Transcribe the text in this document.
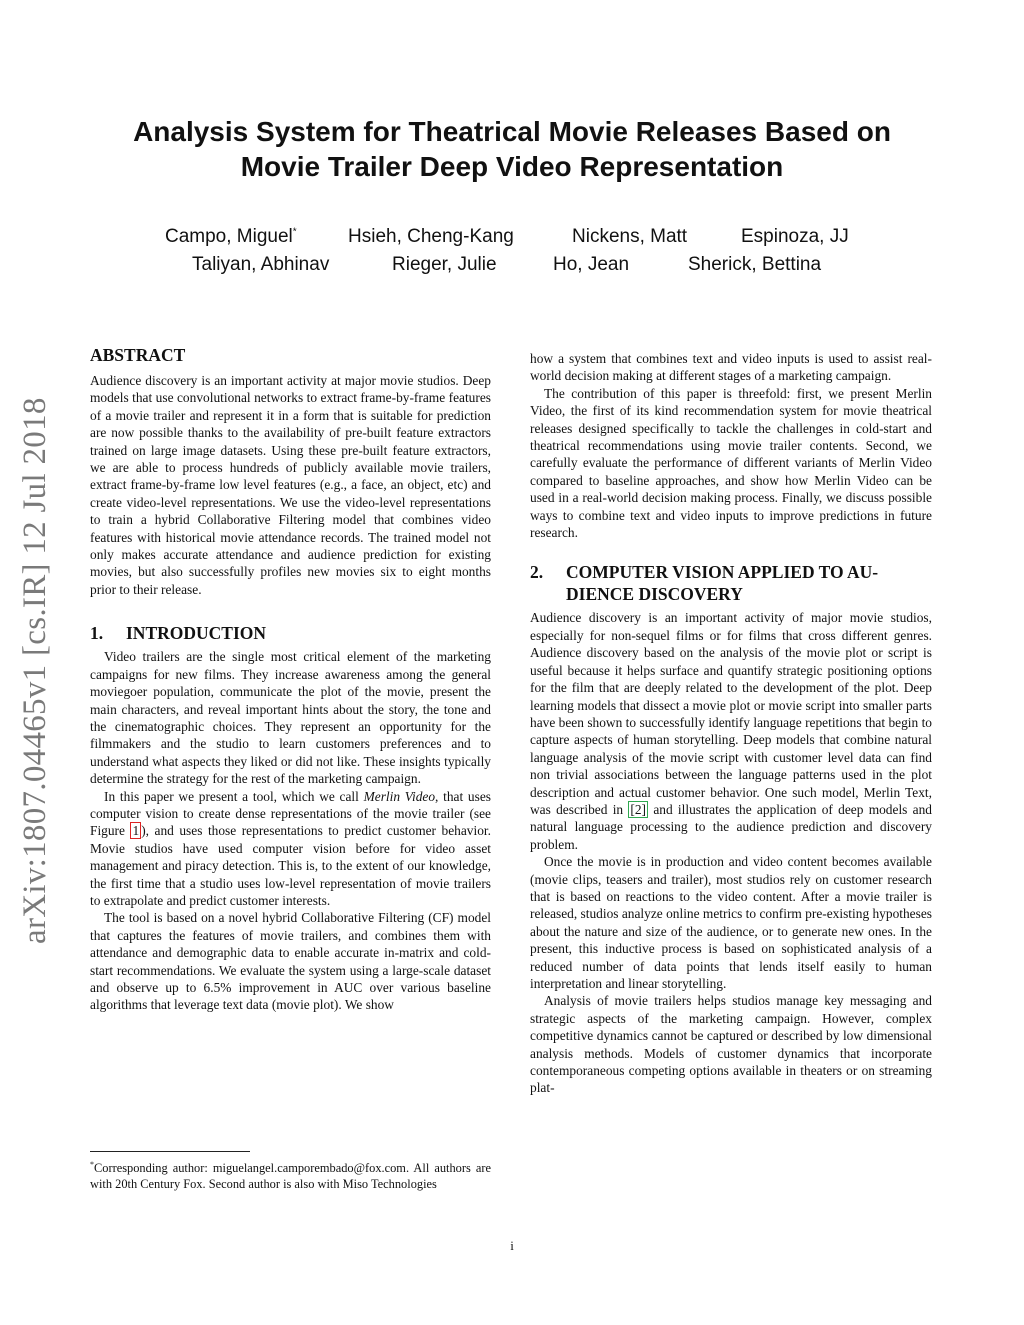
arXiv:1807.04465v1 [cs.IR] 12 Jul 2018
Analysis System for Theatrical Movie Releases Based on
Movie Trailer Deep Video Representation
Campo, Miguel*	Hsieh, Cheng-Kang	Nickens, Matt	Espinoza, JJ
Taliyan, Abhinav	Rieger, Julie	Ho, Jean	Sherick, Bettina
ABSTRACT

Audience discovery is an important activity at major movie studios. Deep models that use convolutional networks to extract frame-by-frame features of a movie trailer and represent it in a form that is suitable for prediction are now possible thanks to the availability of pre-built feature extractors trained on large image datasets. Using these pre-built feature extractors, we are able to process hundreds of publicly available movie trailers, extract frame-by-frame low level features (e.g., a face, an object, etc) and create video-level representations. We use the video-level representations to train a hybrid Collaborative Filtering model that combines video features with historical movie attendance records. The trained model not only makes accurate attendance and audience prediction for existing movies, but also successfully profiles new movies six to eight months prior to their release.

1. INTRODUCTION

Video trailers are the single most critical element of the marketing campaigns for new films. They increase awareness among the general moviegoer population, communicate the plot of the movie, present the main characters, and reveal important hints about the story, the tone and the cinematographic choices. They represent an opportunity for the filmmakers and the studio to learn customers preferences and to understand what aspects they liked or did not like. These insights typically determine the strategy for the rest of the marketing campaign.

In this paper we present a tool, which we call Merlin Video, that uses computer vision to create dense representations of the movie trailer (see Figure 1 ), and uses those representations to predict customer behavior. Movie studios have used computer vision before for video asset management and piracy detection. This is, to the extent of our knowledge, the first time that a studio uses low-level representation of movie trailers to extrapolate and predict customer interests.

The tool is based on a novel hybrid Collaborative Filtering (CF) model that captures the features of movie trailers, and combines them with attendance and demographic data to enable accurate in-matrix and cold-start recommendations. We evaluate the system using a large-scale dataset and observe up to 6.5% improvement in AUC over various baseline algorithms that leverage text data (movie plot). We show

how a system that combines text and video inputs is used to assist real-world decision making at different stages of a marketing campaign.

The contribution of this paper is threefold: first, we present Merlin Video, the first of its kind recommendation system for movie theatrical releases designed specifically to tackle the challenges in cold-start and theatrical recommendations using movie trailer contents. Second, we carefully evaluate the performance of different variants of Merlin Video compared to baseline approaches, and show how Merlin Video can be used in a real-world decision making process. Finally, we discuss possible ways to combine text and video inputs to improve predictions in future research.

2. COMPUTER VISION APPLIED TO AU-
DIENCE DISCOVERY

Audience discovery is an important activity of major movie studios, especially for non-sequel films or for films that cross different genres. Audience discovery based on the analysis of the movie plot or script is useful because it helps surface and quantify strategic positioning options for the film that are deeply related to the development of the plot. Deep learning models that dissect a movie plot or movie script into smaller parts have been shown to successfully identify language repetitions that begin to capture aspects of human storytelling. Deep models that combine natural language analysis of the movie script with customer level data can find non trivial associations between the language patterns used in the plot description and actual customer behavior. One such model, Merlin Text, was described in [2] and illustrates the application of deep models and natural language processing to the audience prediction and discovery problem.

Once the movie is in production and video content becomes available (movie clips, teasers and trailer), most studios rely on customer research that is based on reactions to the video content. After a movie trailer is released, studios analyze online metrics to confirm pre-existing hypotheses about the nature and size of the audience, or to generate new ones. In the present, this inductive process is based on sophisticated analysis of a reduced number of data points that lends itself easily to human interpretation and linear storytelling.

Analysis of movie trailers helps studios manage key messaging and strategic aspects of the marketing campaign. However, complex competitive dynamics cannot be captured or described by low dimensional analysis methods. Models of customer dynamics that incorporate contemporaneous competing options available in theaters or on streaming plat-

*Corresponding author: miguelangel.camporembado@fox.com. All authors are with 20th Century Fox. Second author is also with Miso Technologies
i
